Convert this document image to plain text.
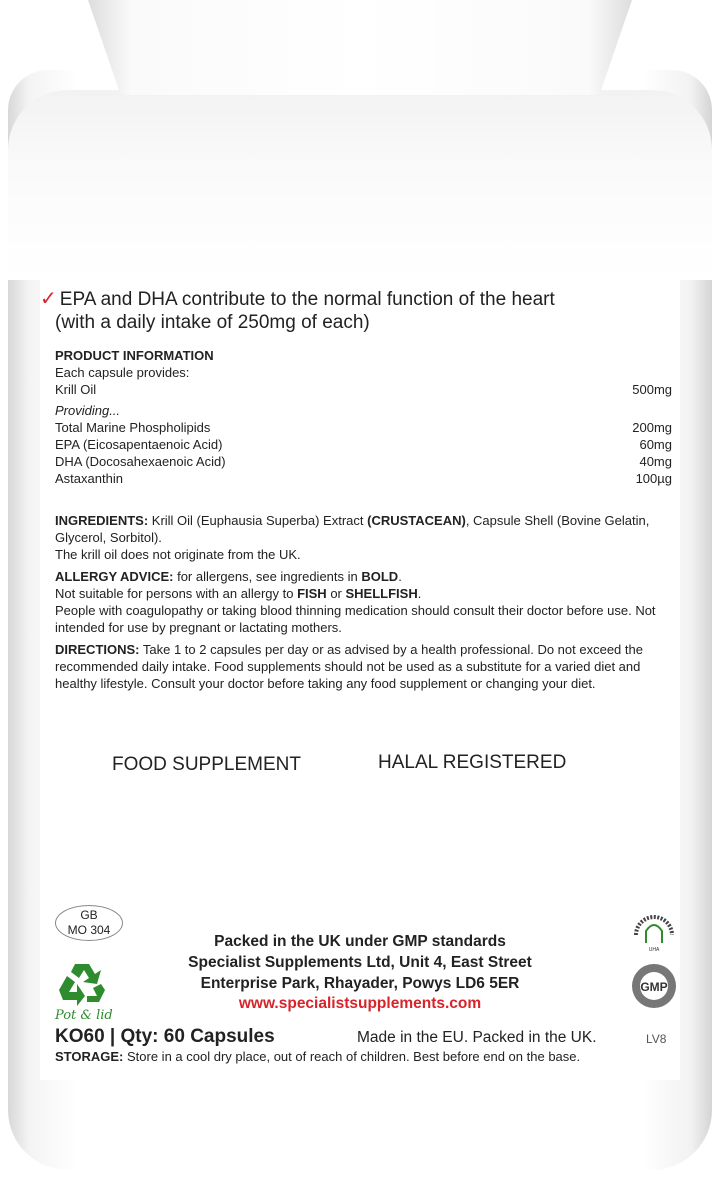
✓ EPA and DHA contribute to the normal function of the heart
(with a daily intake of 250mg of each)
PRODUCT INFORMATION
Each capsule provides:
Krill Oil	500mg
Providing...
Total Marine Phospholipids	200mg
EPA (Eicosapentaenoic Acid)	60mg
DHA (Docosahexaenoic Acid)	40mg
Astaxanthin	100µg
INGREDIENTS: Krill Oil (Euphausia Superba) Extract (CRUSTACEAN), Capsule Shell (Bovine Gelatin, Glycerol, Sorbitol).
The krill oil does not originate from the UK.
ALLERGY ADVICE: for allergens, see ingredients in BOLD.
Not suitable for persons with an allergy to FISH or SHELLFISH.
People with coagulopathy or taking blood thinning medication should consult their doctor before use. Not intended for use by pregnant or lactating mothers.
DIRECTIONS: Take 1 to 2 capsules per day or as advised by a health professional. Do not exceed the recommended daily intake. Food supplements should not be used as a substitute for a varied diet and healthy lifestyle. Consult your doctor before taking any food supplement or changing your diet.
FOOD SUPPLEMENT	HALAL REGISTERED
GB
MO 304
Pot & lid
Packed in the UK under GMP standards
Specialist Supplements Ltd, Unit 4, East Street
Enterprise Park, Rhayader, Powys LD6 5ER
www.specialistsupplements.com
UHA
GMP
KO60 | Qty: 60 Capsules	Made in the EU. Packed in the UK.	LV8
STORAGE: Store in a cool dry place, out of reach of children. Best before end on the base.
